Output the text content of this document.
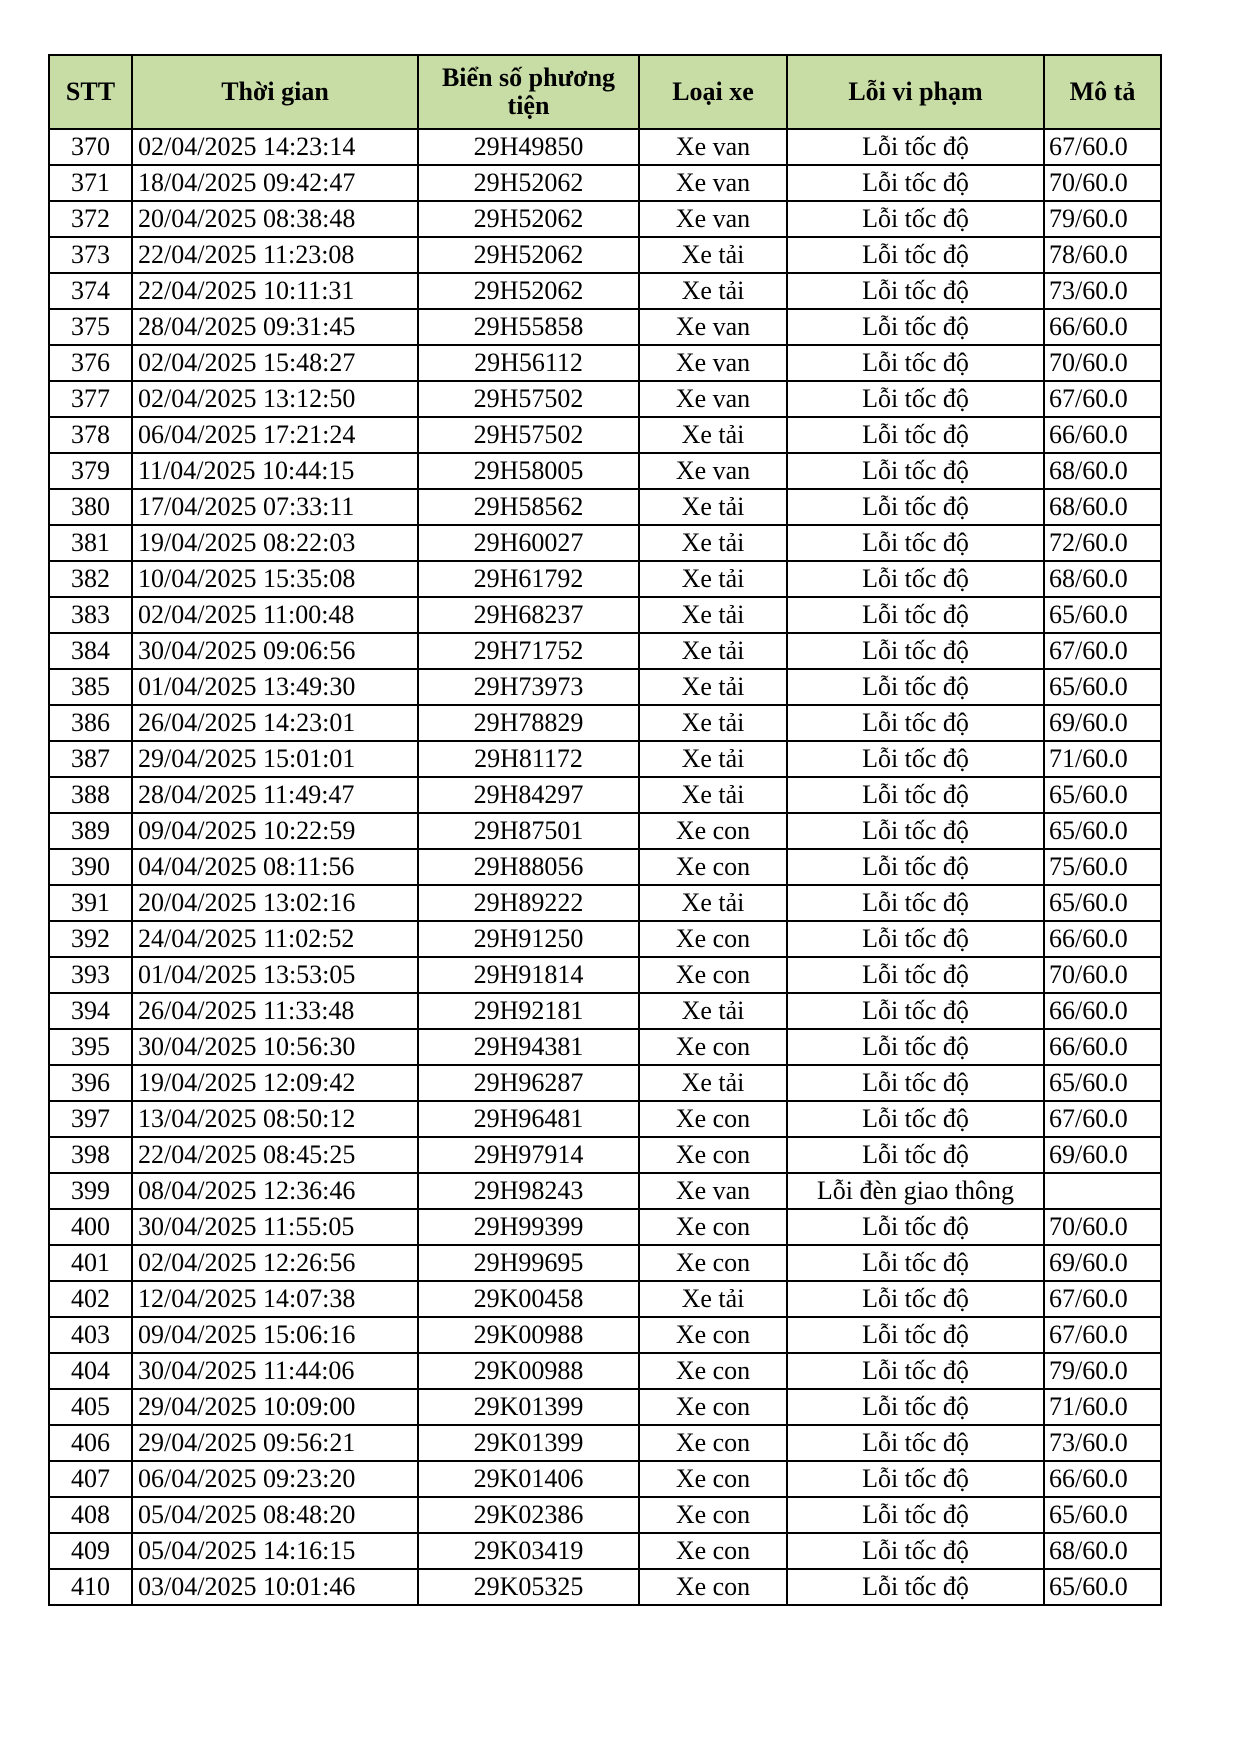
STT	Thời gian	Biển số phương tiện	Loại xe	Lỗi vi phạm	Mô tả
370	02/04/2025 14:23:14	29H49850	Xe van	Lỗi tốc độ	67/60.0
371	18/04/2025 09:42:47	29H52062	Xe van	Lỗi tốc độ	70/60.0
372	20/04/2025 08:38:48	29H52062	Xe van	Lỗi tốc độ	79/60.0
373	22/04/2025 11:23:08	29H52062	Xe tải	Lỗi tốc độ	78/60.0
374	22/04/2025 10:11:31	29H52062	Xe tải	Lỗi tốc độ	73/60.0
375	28/04/2025 09:31:45	29H55858	Xe van	Lỗi tốc độ	66/60.0
376	02/04/2025 15:48:27	29H56112	Xe van	Lỗi tốc độ	70/60.0
377	02/04/2025 13:12:50	29H57502	Xe van	Lỗi tốc độ	67/60.0
378	06/04/2025 17:21:24	29H57502	Xe tải	Lỗi tốc độ	66/60.0
379	11/04/2025 10:44:15	29H58005	Xe van	Lỗi tốc độ	68/60.0
380	17/04/2025 07:33:11	29H58562	Xe tải	Lỗi tốc độ	68/60.0
381	19/04/2025 08:22:03	29H60027	Xe tải	Lỗi tốc độ	72/60.0
382	10/04/2025 15:35:08	29H61792	Xe tải	Lỗi tốc độ	68/60.0
383	02/04/2025 11:00:48	29H68237	Xe tải	Lỗi tốc độ	65/60.0
384	30/04/2025 09:06:56	29H71752	Xe tải	Lỗi tốc độ	67/60.0
385	01/04/2025 13:49:30	29H73973	Xe tải	Lỗi tốc độ	65/60.0
386	26/04/2025 14:23:01	29H78829	Xe tải	Lỗi tốc độ	69/60.0
387	29/04/2025 15:01:01	29H81172	Xe tải	Lỗi tốc độ	71/60.0
388	28/04/2025 11:49:47	29H84297	Xe tải	Lỗi tốc độ	65/60.0
389	09/04/2025 10:22:59	29H87501	Xe con	Lỗi tốc độ	65/60.0
390	04/04/2025 08:11:56	29H88056	Xe con	Lỗi tốc độ	75/60.0
391	20/04/2025 13:02:16	29H89222	Xe tải	Lỗi tốc độ	65/60.0
392	24/04/2025 11:02:52	29H91250	Xe con	Lỗi tốc độ	66/60.0
393	01/04/2025 13:53:05	29H91814	Xe con	Lỗi tốc độ	70/60.0
394	26/04/2025 11:33:48	29H92181	Xe tải	Lỗi tốc độ	66/60.0
395	30/04/2025 10:56:30	29H94381	Xe con	Lỗi tốc độ	66/60.0
396	19/04/2025 12:09:42	29H96287	Xe tải	Lỗi tốc độ	65/60.0
397	13/04/2025 08:50:12	29H96481	Xe con	Lỗi tốc độ	67/60.0
398	22/04/2025 08:45:25	29H97914	Xe con	Lỗi tốc độ	69/60.0
399	08/04/2025 12:36:46	29H98243	Xe van	Lỗi đèn giao thông	
400	30/04/2025 11:55:05	29H99399	Xe con	Lỗi tốc độ	70/60.0
401	02/04/2025 12:26:56	29H99695	Xe con	Lỗi tốc độ	69/60.0
402	12/04/2025 14:07:38	29K00458	Xe tải	Lỗi tốc độ	67/60.0
403	09/04/2025 15:06:16	29K00988	Xe con	Lỗi tốc độ	67/60.0
404	30/04/2025 11:44:06	29K00988	Xe con	Lỗi tốc độ	79/60.0
405	29/04/2025 10:09:00	29K01399	Xe con	Lỗi tốc độ	71/60.0
406	29/04/2025 09:56:21	29K01399	Xe con	Lỗi tốc độ	73/60.0
407	06/04/2025 09:23:20	29K01406	Xe con	Lỗi tốc độ	66/60.0
408	05/04/2025 08:48:20	29K02386	Xe con	Lỗi tốc độ	65/60.0
409	05/04/2025 14:16:15	29K03419	Xe con	Lỗi tốc độ	68/60.0
410	03/04/2025 10:01:46	29K05325	Xe con	Lỗi tốc độ	65/60.0
